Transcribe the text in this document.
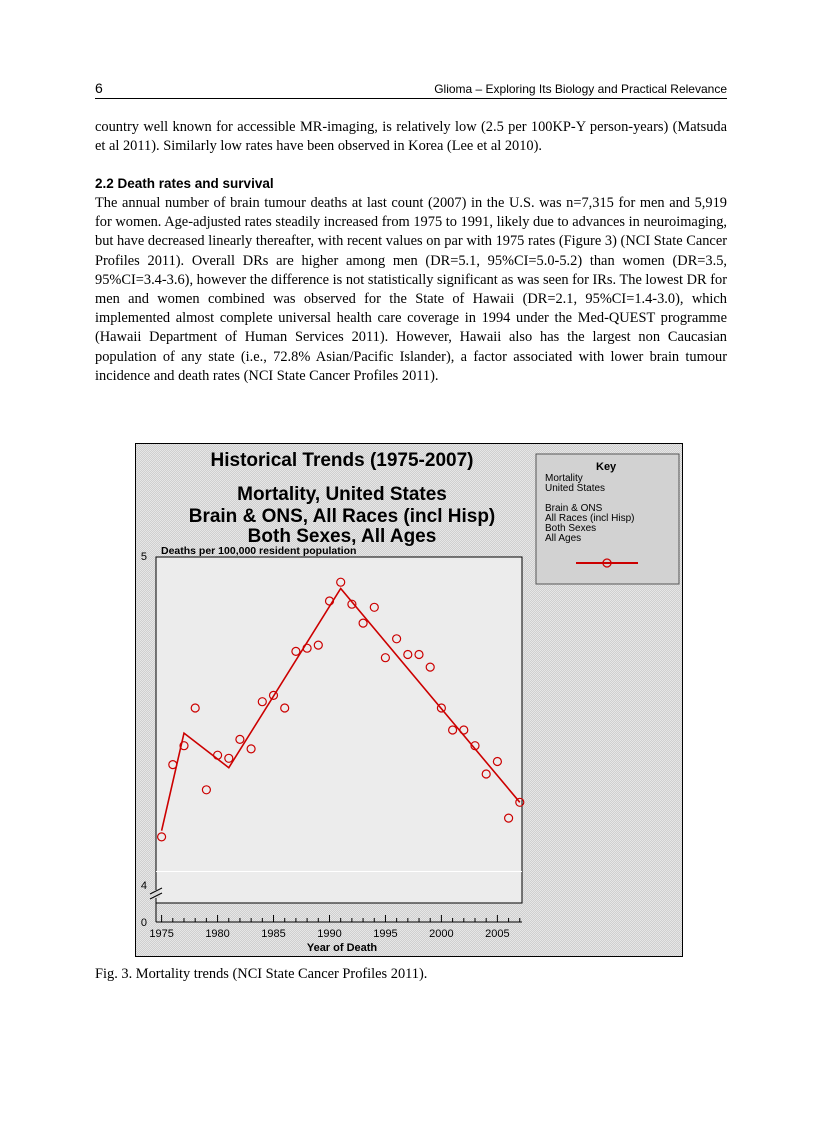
6	Glioma – Exploring Its Biology and Practical Relevance

country well known for accessible MR-imaging, is relatively low (2.5 per 100KP-Y person-years) (Matsuda et al 2011). Similarly low rates have been observed in Korea (Lee et al 2010).

2.2 Death rates and survival

The annual number of brain tumour deaths at last count (2007) in the U.S. was n=7,315 for men and 5,919 for women. Age-adjusted rates steadily increased from 1975 to 1991, likely due to advances in neuroimaging, but have decreased linearly thereafter, with recent values on par with 1975 rates (Figure 3) (NCI State Cancer Profiles 2011). Overall DRs are higher among men (DR=5.1, 95%CI=5.0-5.2) than women (DR=3.5, 95%CI=3.4-3.6), however the difference is not statistically significant as was seen for IRs. The lowest DR for men and women combined was observed for the State of Hawaii (DR=2.1, 95%CI=1.4-3.0), which implemented almost complete universal health care coverage in 1994 under the Med-QUEST programme (Hawaii Department of Human Services 2011). However, Hawaii also has the largest non Caucasian population of any state (i.e., 72.8% Asian/Pacific Islander), a factor associated with lower brain tumour incidence and death rates (NCI State Cancer Profiles 2011).

Historical Trends (1975-2007)
Mortality, United States
Brain & ONS, All Races (incl Hisp)
Both Sexes, All Ages
Deaths per 100,000 resident population
5
4
0
1975	1980	1985	1990	1995	2000	2005
Year of Death
Key
Mortality
United States
Brain & ONS
All Races (incl Hisp)
Both Sexes
All Ages
Fig. 3. Mortality trends (NCI State Cancer Profiles 2011).
